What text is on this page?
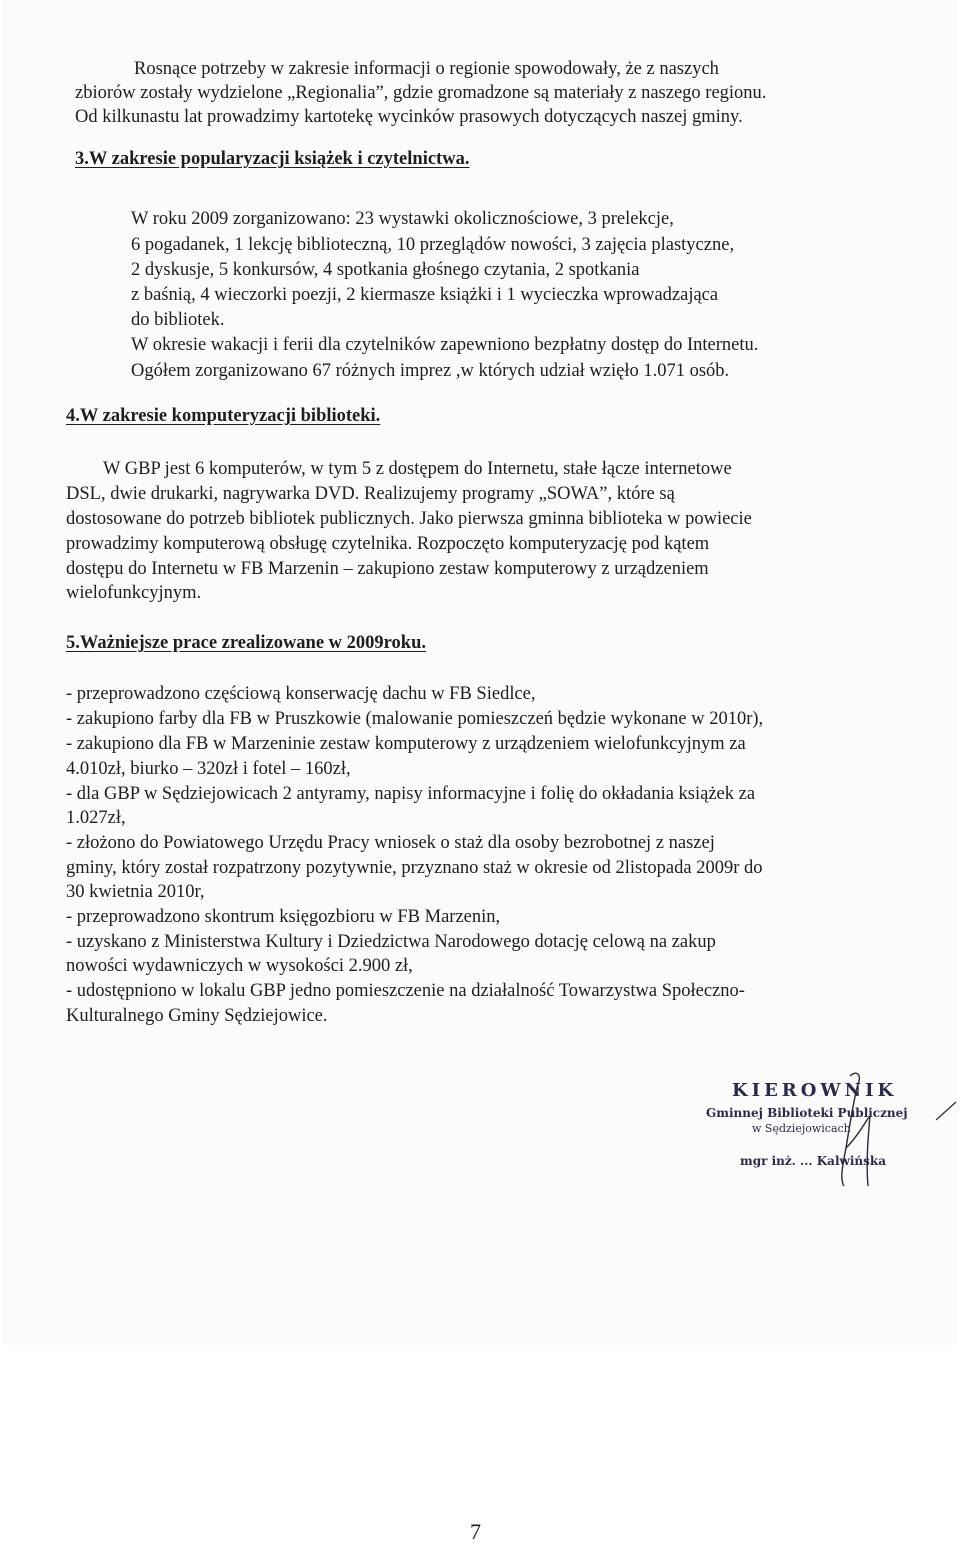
Rosnące potrzeby w zakresie informacji o regionie spowodowały, że z naszych

zbiorów zostały wydzielone „Regionalia”, gdzie gromadzone są materiały z naszego regionu.

Od kilkunastu lat prowadzimy kartotekę wycinków prasowych dotyczących naszej gminy.

3.W zakresie popularyzacji książek i czytelnictwa.

W roku 2009 zorganizowano: 23 wystawki okolicznościowe, 3 prelekcje,

6 pogadanek, 1 lekcję biblioteczną, 10 przeglądów nowości, 3 zajęcia plastyczne,

2 dyskusje, 5 konkursów, 4 spotkania głośnego czytania, 2 spotkania

z baśnią, 4 wieczorki poezji, 2 kiermasze książki i 1 wycieczka wprowadzająca

do bibliotek.

W okresie wakacji i ferii dla czytelników zapewniono bezpłatny dostęp do Internetu.

Ogółem zorganizowano 67 różnych imprez ,w których udział wzięło 1.071 osób.

4.W zakresie komputeryzacji biblioteki.

W GBP jest 6 komputerów, w tym 5 z dostępem do Internetu, stałe łącze internetowe

DSL, dwie drukarki, nagrywarka DVD. Realizujemy programy „SOWA”, które są

dostosowane do potrzeb bibliotek publicznych. Jako pierwsza gminna biblioteka w powiecie

prowadzimy komputerową obsługę czytelnika. Rozpoczęto komputeryzację pod kątem

dostępu do Internetu w FB Marzenin – zakupiono zestaw komputerowy z urządzeniem

wielofunkcyjnym.

5.Ważniejsze prace zrealizowane w 2009roku.

- przeprowadzono częściową konserwację dachu w FB Siedlce,

- zakupiono farby dla FB w Pruszkowie (malowanie pomieszczeń będzie wykonane w 2010r),

- zakupiono dla FB w Marzeninie zestaw komputerowy z urządzeniem wielofunkcyjnym za

4.010zł, biurko – 320zł i fotel – 160zł,

- dla GBP w Sędziejowicach 2 antyramy, napisy informacyjne i folię do okładania książek za

1.027zł,

- złożono do Powiatowego Urzędu Pracy wniosek o staż dla osoby bezrobotnej z naszej

gminy, który został rozpatrzony pozytywnie, przyznano staż w okresie od 2listopada 2009r do

30 kwietnia 2010r,

- przeprowadzono skontrum księgozbioru w FB Marzenin,

- uzyskano z Ministerstwa Kultury i Dziedzictwa Narodowego dotację celową na zakup

nowości wydawniczych w wysokości 2.900 zł,

- udostępniono w lokalu GBP jedno pomieszczenie na działalność Towarzystwa Społeczno-

Kulturalnego Gminy Sędziejowice.

KIEROWNIK
Gminnej Biblioteki Publicznej
w Sędziejowicach
mgr inż. ... Kalwińska

7
